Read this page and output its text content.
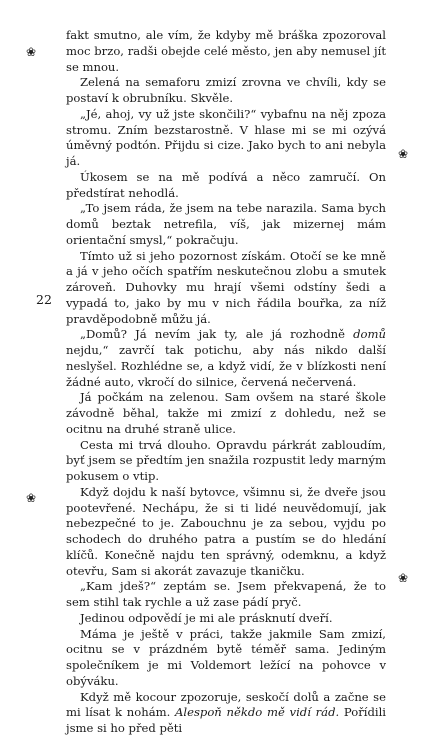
❀
❀
❀
❀
22

fakt smutno, ale vím, že kdyby mě bráška zpozoroval moc brzo, radši obejde celé město, jen aby nemusel jít se mnou.

Zelená na semaforu zmizí zrovna ve chvíli, kdy se postaví k obrubníku. Skvěle.

„Jé, ahoj, vy už jste skončili?“ vybafnu na něj zpoza stromu. Zním bezstarostně. V hlase mi se mi ozývá úměvný podtón. Přijdu si cize. Jako bych to ani nebyla já.

Úkosem se na mě podívá a něco zamručí. On předstírat nehodlá.

„To jsem ráda, že jsem na tebe narazila. Sama bych domů beztak netrefila, víš, jak mizernej mám orientační smysl,“ pokračuju.

Tímto už si jeho pozornost získám. Otočí se ke mně a já v jeho očích spatřím neskutečnou zlobu a smutek zároveň. Duhovky mu hrají všemi odstíny šedi a vypadá to, jako by mu v nich řádila bouřka, za níž pravděpodobně můžu já.

„Domů? Já nevím jak ty, ale já rozhodně domů nejdu,“ zavrčí tak potichu, aby nás nikdo další neslyšel. Rozhlédne se, a když vidí, že v blízkosti není žádné auto, vkročí do silnice, červená nečervená.

Já počkám na zelenou. Sam ovšem na staré škole závodně běhal, takže mi zmizí z dohledu, než se ocitnu na druhé straně ulice.

Cesta mi trvá dlouho. Opravdu párkrát zabloudím, byť jsem se předtím jen snažila rozpustit ledy marným pokusem o vtip.

Když dojdu k naší bytovce, všimnu si, že dveře jsou pootevřené. Nechápu, že si ti lidé neuvědomují, jak nebezpečné to je. Zabouchnu je za sebou, vyjdu po schodech do druhého patra a pustím se do hledání klíčů. Konečně najdu ten správný, odemknu, a když otevřu, Sam si akorát zavazuje tkaničku.

„Kam jdeš?“ zeptám se. Jsem překvapená, že to sem stihl tak rychle a už zase pádí pryč.

Jedinou odpovědí je mi ale prásknutí dveří.

Máma je ještě v práci, takže jakmile Sam zmizí, ocitnu se v prázdném bytě téměř sama. Jediným společníkem je mi Voldemort ležící na pohovce v obýváku.

Když mě kocour zpozoruje, seskočí dolů a začne se mi lísat k nohám. Alespoň někdo mě vidí rád. Pořídili jsme si ho před pěti
